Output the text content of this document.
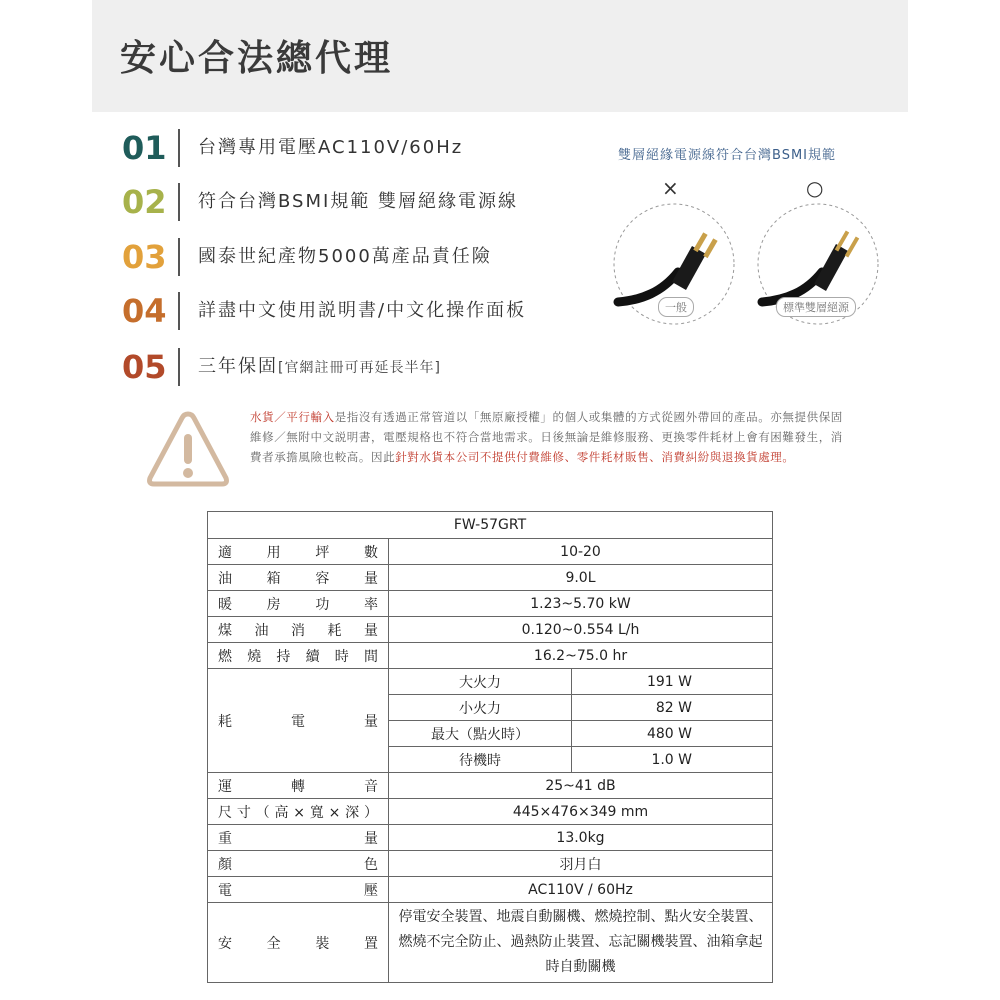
安心合法總代理
01 台灣專用電壓AC110V/60Hz
02 符合台灣BSMI規範 雙層絕緣電源線
03 國泰世紀產物5000萬產品責任險
04 詳盡中文使用説明書/中文化操作面板
05 三年保固[官網註冊可再延長半年]
雙層絕緣電源線符合台灣BSMI規範
×	○
一般	標準雙層絕源
水貨／平行輸入是指沒有透過正常管道以「無原廠授權」的個人或集體的方式從國外帶回的產品。亦無提供保固維修／無附中文説明書，電壓規格也不符合當地需求。日後無論是維修服務、更換零件耗材上會有困難發生，消費者承擔風險也較高。因此針對水貨本公司不提供付費維修、零件耗材販售、消費糾紛與退換貨處理。
FW-57GRT		
適用坪數	10-20	
油箱容量	9.0L	
暖房功率	1.23~5.70 kW	
煤油消耗量	0.120~0.554 L/h	
燃燒持續時間	16.2~75.0 hr	
耗電量	大火力	191 W
	小火力	82 W
	最大（點火時）	480 W
	待機時	1.0 W
運轉音	25~41 dB	
尺寸（高×寬×深）	445×476×349 mm	
重量	13.0kg	
顏色	羽月白	
電壓	AC110V / 60Hz	
安全裝置	停電安全裝置、地震自動關機、燃燒控制、點火安全裝置、燃燒不完全防止、過熱防止裝置、忘記關機裝置、油箱拿起時自動關機	
